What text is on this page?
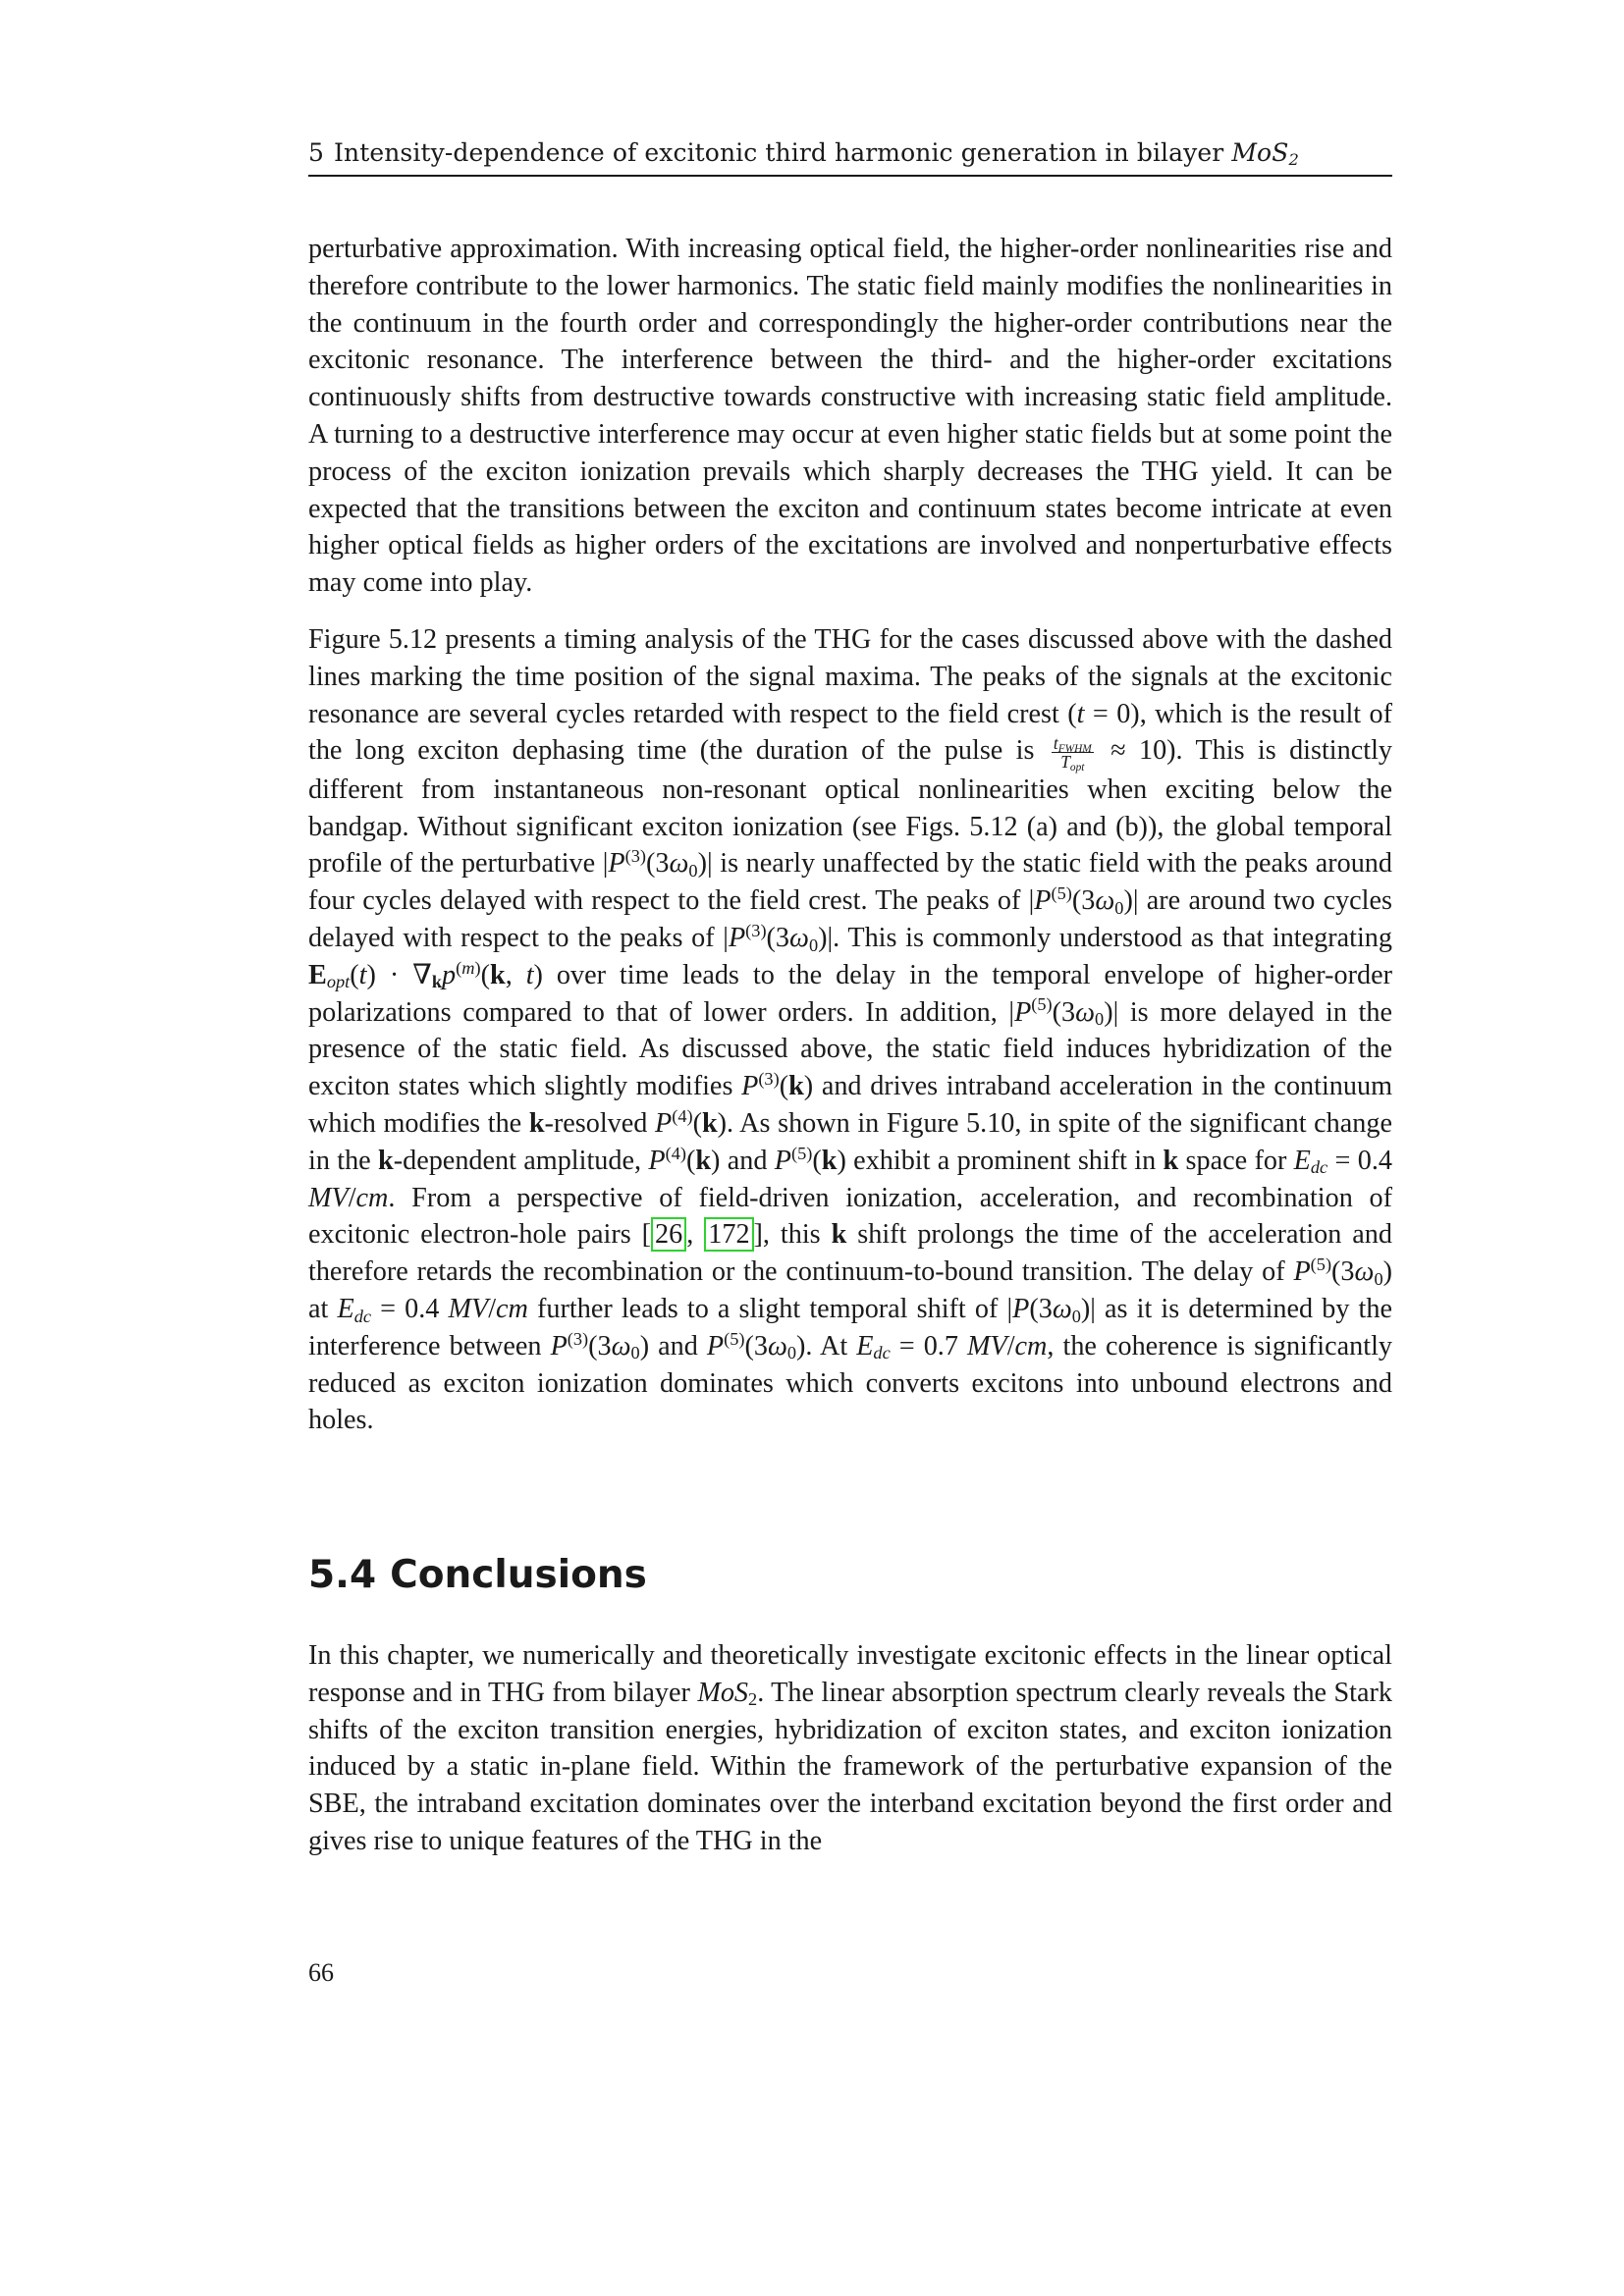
5 Intensity-dependence of excitonic third harmonic generation in bilayer MoS$_2$

perturbative approximation. With increasing optical field, the higher-order nonlinearities rise and therefore contribute to the lower harmonics. The static field mainly modifies the nonlinearities in the continuum in the fourth order and correspondingly the higher-order contributions near the excitonic resonance. The interference between the third- and the higher-order excitations continuously shifts from destructive towards constructive with increasing static field amplitude. A turning to a destructive interference may occur at even higher static fields but at some point the process of the exciton ionization prevails which sharply decreases the THG yield. It can be expected that the transitions between the exciton and continuum states become intricate at even higher optical fields as higher orders of the excitations are involved and nonperturbative effects may come into play.

Figure 5.12 presents a timing analysis of the THG for the cases discussed above with the dashed lines marking the time position of the signal maxima. The peaks of the signals at the excitonic resonance are several cycles retarded with respect to the field crest (t = 0), which is the result of the long exciton dephasing time (the duration of the pulse is $\frac{t_{FWHM}}{T_{opt}} \approx 10$). This is distinctly different from instantaneous non-resonant optical nonlinearities when exciting below the bandgap. Without significant exciton ionization (see Figs. 5.12 (a) and (b)), the global temporal profile of the perturbative $|P^{(3)}(3\omega_0)|$ is nearly unaffected by the static field with the peaks around four cycles delayed with respect to the field crest. The peaks of $|P^{(5)}(3\omega_0)|$ are around two cycles delayed with respect to the peaks of $|P^{(3)}(3\omega_0)|$. This is commonly understood as that integrating $E_{opt}(t) \cdot \nabla_kp^{(m)}(k$, t) over time leads to the delay in the temporal envelope of higher-order polarizations compared to that of lower orders. In addition, $|P^{(5)}(3\omega_0)|$ is more delayed in the presence of the static field. As discussed above, the static field induces hybridization of the exciton states which slightly modifies $P^{(3)}(k)$ and drives intraband acceleration in the continuum which modifies the k-resolved $P^{(4)}(k)$. As shown in Figure 5.10, in spite of the significant change in the k-dependent amplitude, $P^{(4)}(k)$ and $P^{(5)}(k)$ exhibit a prominent shift in k space for $E_{dc} = 0.4$ MV/cm. From a perspective of field-driven ionization, acceleration, and recombination of excitonic electron-hole pairs [ 26 , 172 ], this k shift prolongs the time of the acceleration and therefore retards the recombination or the continuum-to-bound transition. The delay of $P^{(5)}(3\omega_0)$ at $E_{dc} = 0.4$ MV/cm further leads to a slight temporal shift of $|P(3\omega_0)|$ as it is determined by the interference between $P^{(3)}(3\omega_0)$ and $P^{(5)}(3\omega_0)$. At $E_{dc} = 0.7$ MV/cm, the coherence is significantly reduced as exciton ionization dominates which converts excitons into unbound electrons and holes.

5.4 Conclusions

In this chapter, we numerically and theoretically investigate excitonic effects in the linear optical response and in THG from bilayer MoS$_2$. The linear absorption spectrum clearly reveals the Stark shifts of the exciton transition energies, hybridization of exciton states, and exciton ionization induced by a static in-plane field. Within the framework of the perturbative expansion of the SBE, the intraband excitation dominates over the interband excitation beyond the first order and gives rise to unique features of the THG in the

66
